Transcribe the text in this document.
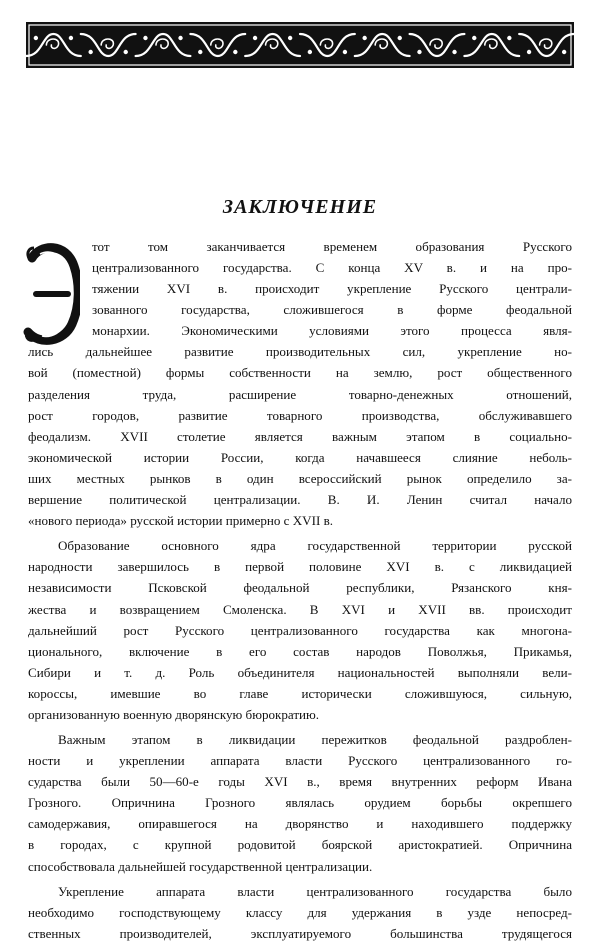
ЗАКЛЮЧЕНИЕ
тот том заканчивается временем образования Русского
централизованного государства. С конца XV в. и на про-
тяжении XVI в. происходит укрепление Русского централи-
зованного государства, сложившегося в форме феодальной
монархии. Экономическими условиями этого процесса явля-
лись дальнейшее развитие производительных сил, укрепление но-
вой (поместной) формы собственности на землю, рост общественного
разделения труда, расширение товарно-денежных отношений,
рост городов, развитие товарного производства, обслуживавшего
феодализм. XVII столетие является важным этапом в социально-
экономической истории России, когда начавшееся слияние неболь-
ших местных рынков в один всероссийский рынок определило за-
вершение политической централизации. В. И. Ленин считал начало
«нового периода» русской истории примерно с XVII в.
Образование основного ядра государственной территории русской
народности завершилось в первой половине XVI в. с ликвидацией
независимости Псковской феодальной республики, Рязанского кня-
жества и возвращением Смоленска. В XVI и XVII вв. происходит
дальнейший рост Русского централизованного государства как многона-
ционального, включение в его состав народов Поволжья, Прикамья,
Сибири и т. д. Роль объединителя национальностей выполняли вели-
короссы, имевшие во главе исторически сложившуюся, сильную,
организованную военную дворянскую бюрократию.
Важным этапом в ликвидации пережитков феодальной раздроблен-
ности и укреплении аппарата власти Русского централизованного го-
сударства были 50—60-е годы XVI в., время внутренних реформ Ивана
Грозного. Опричнина Грозного являлась орудием борьбы окрепшего
самодержавия, опиравшегося на дворянство и находившего поддержку
в городах, с крупной родовитой боярской аристократией. Опричнина
способствовала дальнейшей государственной централизации.
Укрепление аппарата власти централизованного государства было
необходимо господствующему классу для удержания в узде непосред-
ственных производителей, эксплуатируемого большинства трудящегося
